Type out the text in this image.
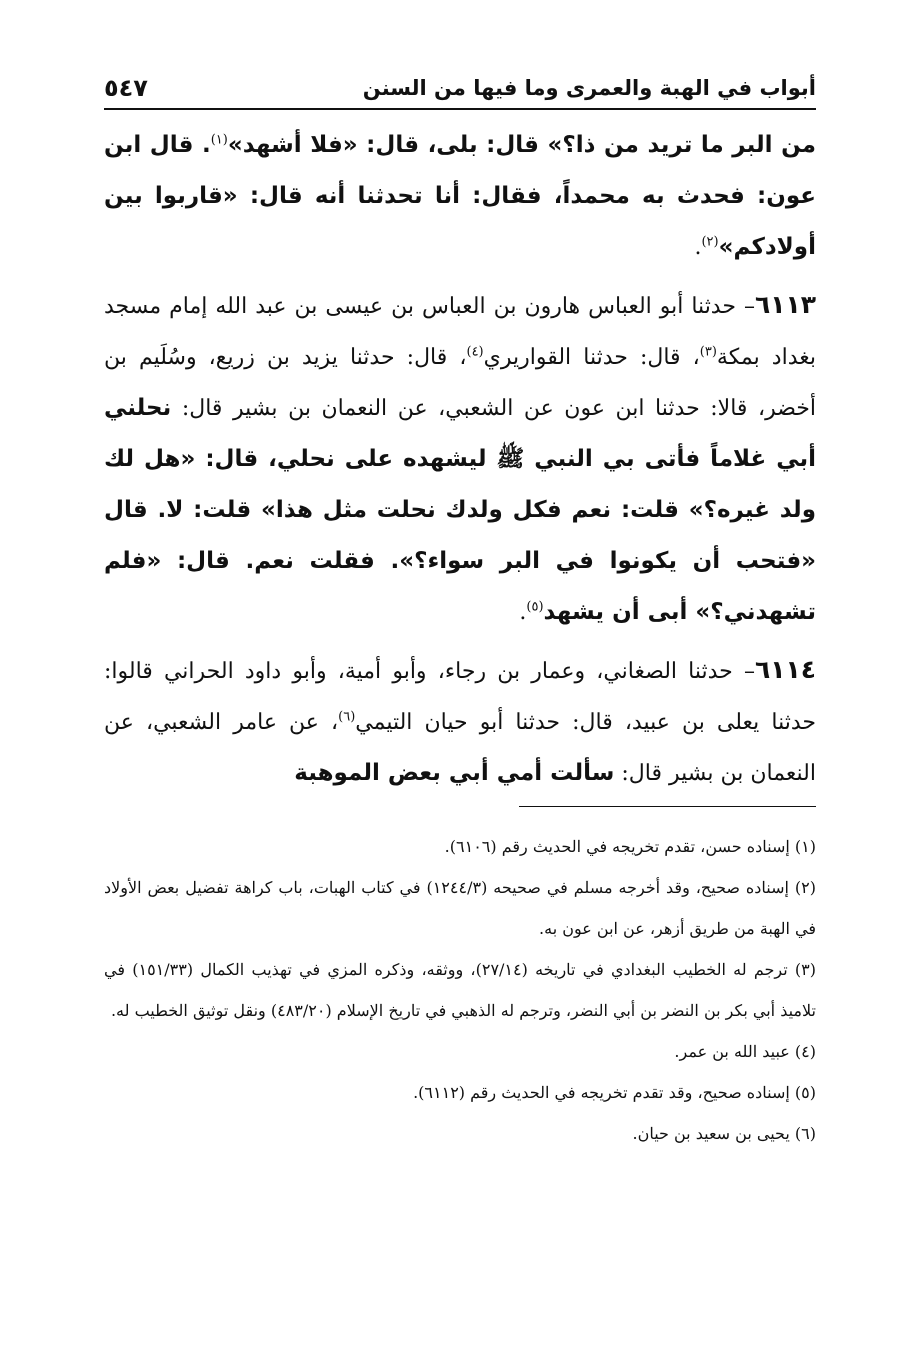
أبواب في الهبة والعمرى وما فيها من السنن
٥٤٧

من البر ما تريد من ذا؟» قال: بلى، قال: «فلا أشهد»$^{(١)}$. قال ابن عون: فحدث به محمداً، فقال: أنا تحدثنا أنه قال: «قاربوا بين أولادكم»$^{(٢)}$.

٦١١٣– حدثنا أبو العباس هارون بن العباس بن عيسى بن عبد الله إمام مسجد بغداد بمكة$^{(٣)}$، قال: حدثنا القواريري$^{(٤)}$، قال: حدثنا يزيد بن زريع، وسُلَيم بن أخضر، قالا: حدثنا ابن عون عن الشعبي، عن النعمان بن بشير قال: نحلني أبي غلاماً فأتى بي النبي ﷺ ليشهده على نحلي، قال: «هل لك ولد غيره؟» قلت: نعم فكل ولدك نحلت مثل هذا» قلت: لا. قال «فتحب أن يكونوا في البر سواء؟». فقلت نعم. قال: «فلم تشهدني؟» أبى أن يشهد$^{(٥)}$.

٦١١٤– حدثنا الصغاني، وعمار بن رجاء، وأبو أمية، وأبو داود الحراني قالوا: حدثنا يعلى بن عبيد، قال: حدثنا أبو حيان التيمي$^{(٦)}$، عن عامر الشعبي، عن النعمان بن بشير قال: سألت أمي أبي بعض الموهبة

(١) إسناده حسن، تقدم تخريجه في الحديث رقم (٦١٠٦).

(٢) إسناده صحيح، وقد أخرجه مسلم في صحيحه (١٢٤٤/٣) في كتاب الهبات، باب كراهة تفضيل بعض الأولاد في الهبة من طريق أزهر، عن ابن عون به.

(٣) ترجم له الخطيب البغدادي في تاريخه (٢٧/١٤)، ووثقه، وذكره المزي في تهذيب الكمال (١٥١/٣٣) في تلاميذ أبي بكر بن النضر بن أبي النضر، وترجم له الذهبي في تاريخ الإسلام (٤٨٣/٢٠) ونقل توثيق الخطيب له.

(٤) عبيد الله بن عمر.

(٥) إسناده صحيح، وقد تقدم تخريجه في الحديث رقم (٦١١٢).

(٦) يحيى بن سعيد بن حيان.
